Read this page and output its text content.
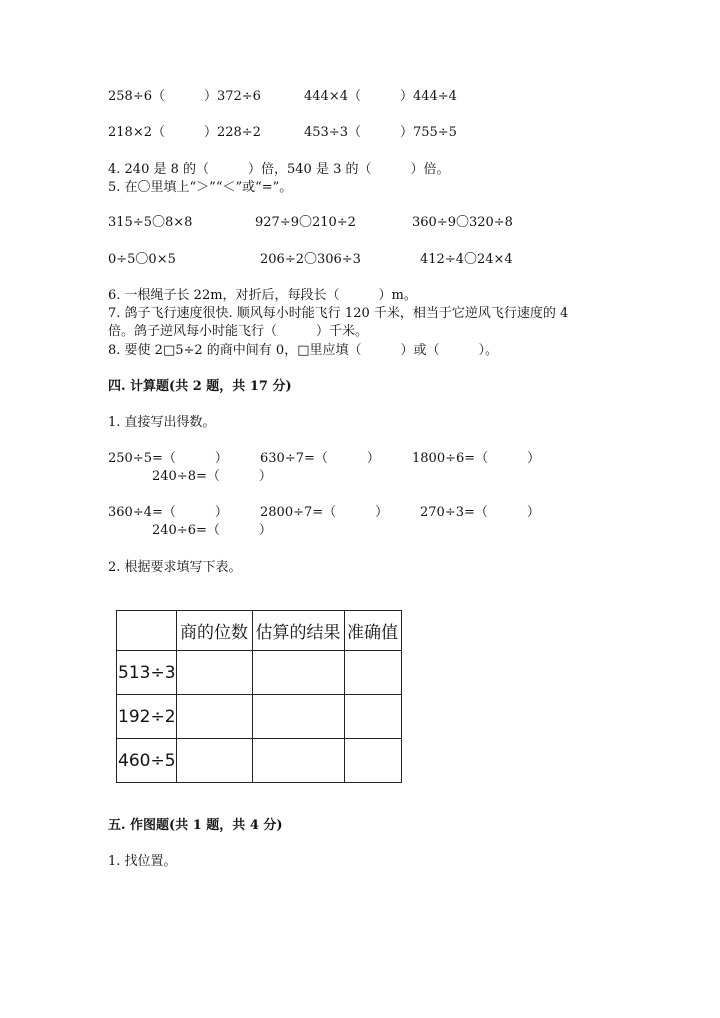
258÷6（　　　）372÷6	444×4（　　　）444÷4
218×2（　　　）228÷2	453÷3（　　　）755÷5
4. 240 是 8 的（　　　）倍，540 是 3 的（　　　）倍。
5. 在〇里填上“＞”“＜”或“=”。
315÷5〇8×8	927÷9〇210÷2	360÷9〇320÷8
0÷5〇0×5	206÷2〇306÷3	412÷4〇24×4
6. 一根绳子长 22m，对折后，每段长（　　　）m。
7. 鸽子飞行速度很快. 顺风每小时能飞行 120 千米，相当于它逆风飞行速度的 4
倍。鸽子逆风每小时能飞行（　　　）千米。
8. 要使 2□5÷2 的商中间有 0，□里应填（　　　）或（　　　）。
四. 计算题(共 2 题，共 17 分)
1. 直接写出得数。
250÷5=（　　　） 630÷7=（　　　） 1800÷6=（　　　）
240÷8=（　　　）
360÷4=（　　　） 2800÷7=（　　　） 270÷3=（　　　）
240÷6=（　　　）
2. 根据要求填写下表。
	商的位数	估算的结果	准确值
513÷3			
192÷2			
460÷5			
五. 作图题(共 1 题，共 4 分)
1. 找位置。
